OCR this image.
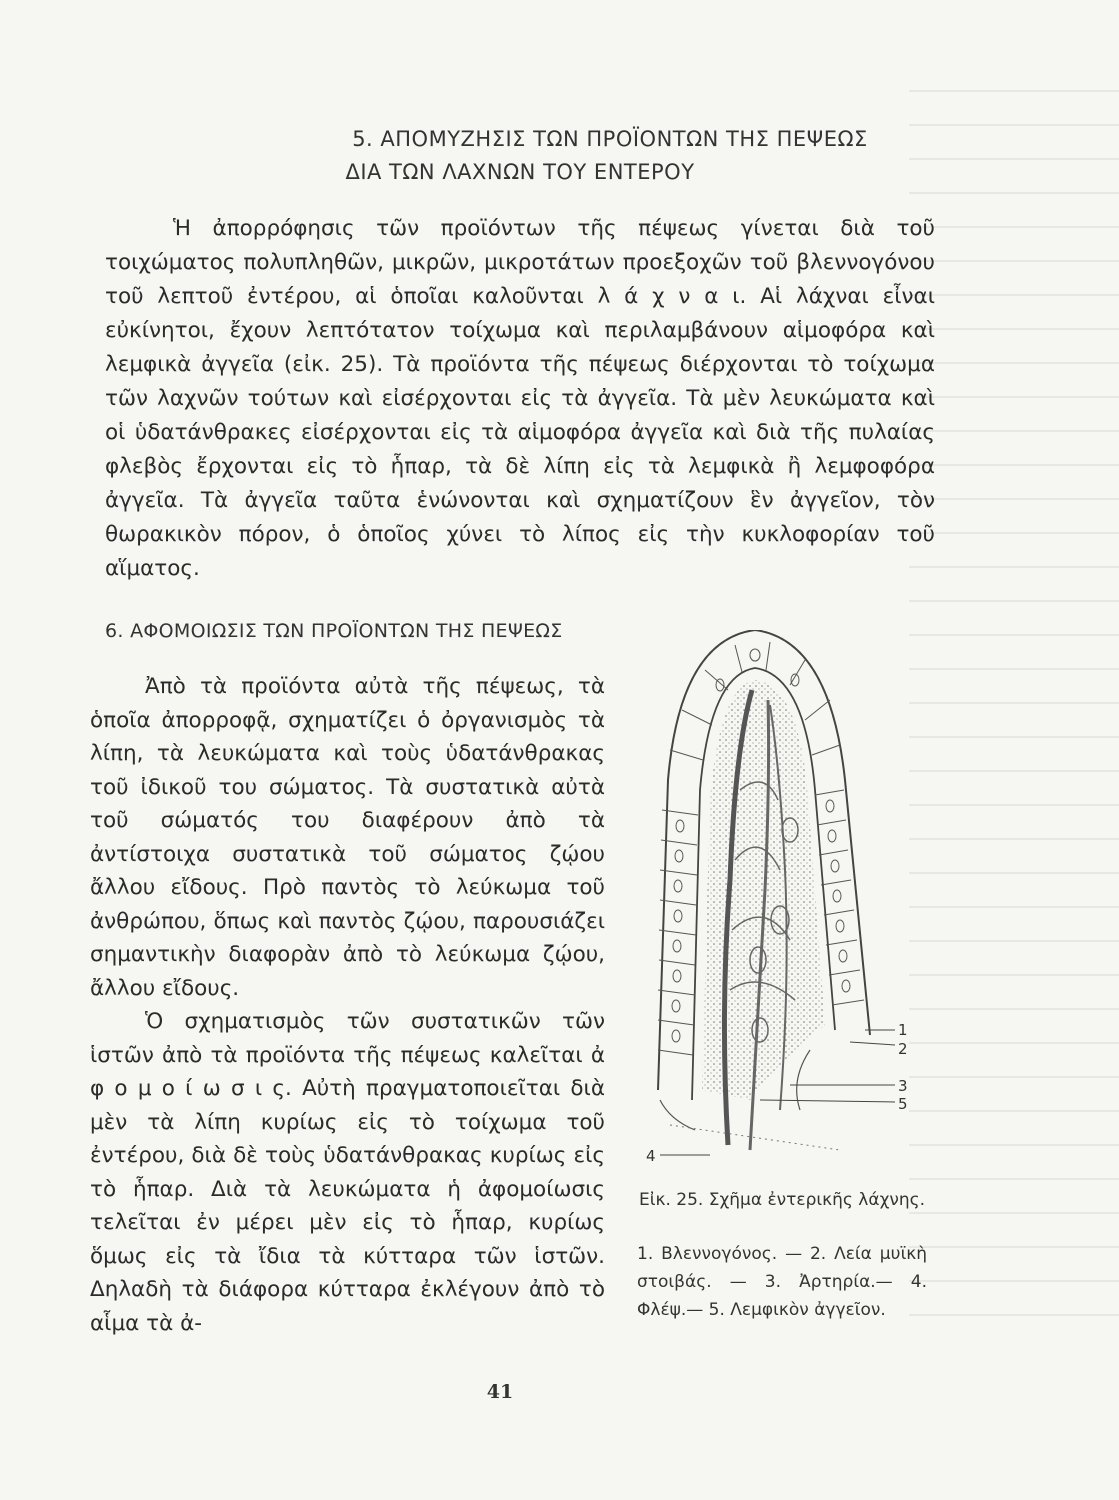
5. ΑΠΟΜΥΖΗΣΙΣ ΤΩΝ ΠΡΟΪΟΝΤΩΝ ΤΗΣ ΠΕΨΕΩΣ
ΔΙΑ ΤΩΝ ΛΑΧΝΩΝ ΤΟΥ ΕΝΤΕΡΟΥ

Ἡ ἀπορρόφησις τῶν προϊόντων τῆς πέψεως γίνεται διὰ τοῦ τοιχώματος πολυπληθῶν, μικρῶν, μικροτάτων προεξοχῶν τοῦ βλεννογόνου τοῦ λεπτοῦ ἐντέρου, αἱ ὁποῖαι καλοῦνται λ ά χ ν α ι. Αἱ λάχναι εἶναι εὐκίνητοι, ἔχουν λεπτότατον τοίχωμα καὶ περιλαμβάνουν αἱμοφόρα καὶ λεμφικὰ ἀγγεῖα (εἰκ. 25). Τὰ προϊόντα τῆς πέψεως διέρχονται τὸ τοίχωμα τῶν λαχνῶν τούτων καὶ εἰσέρχονται εἰς τὰ ἀγγεῖα. Τὰ μὲν λευκώματα καὶ οἱ ὑδατάνθρακες εἰσέρχονται εἰς τὰ αἱμοφόρα ἀγγεῖα καὶ διὰ τῆς πυλαίας φλεβὸς ἔρχονται εἰς τὸ ἧπαρ, τὰ δὲ λίπη εἰς τὰ λεμφικὰ ἢ λεμφοφόρα ἀγγεῖα. Τὰ ἀγγεῖα ταῦτα ἑνώνονται καὶ σχηματίζουν ἓν ἀγγεῖον, τὸν θωρακικὸν πόρον, ὁ ὁποῖος χύνει τὸ λίπος εἰς τὴν κυκλοφορίαν τοῦ αἵματος.

6. ΑΦΟΜΟΙΩΣΙΣ ΤΩΝ ΠΡΟΪΟΝΤΩΝ ΤΗΣ ΠΕΨΕΩΣ

Ἀπὸ τὰ προϊόντα αὐτὰ τῆς πέψεως, τὰ ὁποῖα ἀπορροφᾷ, σχηματίζει ὁ ὀργανισμὸς τὰ λίπη, τὰ λευκώματα καὶ τοὺς ὑδατάνθρακας τοῦ ἰδικοῦ του σώματος. Τὰ συστατικὰ αὐτὰ τοῦ σώματός του διαφέρουν ἀπὸ τὰ ἀντίστοιχα συστατικὰ τοῦ σώματος ζῴου ἄλλου εἴδους. Πρὸ παντὸς τὸ λεύκωμα τοῦ ἀνθρώπου, ὅπως καὶ παντὸς ζῴου, παρουσιάζει σημαντικὴν διαφορὰν ἀπὸ τὸ λεύκωμα ζῴου, ἄλλου εἴδους.

Ὁ σχηματισμὸς τῶν συστατικῶν τῶν ἱστῶν ἀπὸ τὰ προϊόντα τῆς πέψεως καλεῖται ἀ φ ο μ ο ί ω σ ι ς. Αὐτὴ πραγματοποιεῖται διὰ μὲν τὰ λίπη κυρίως εἰς τὸ τοίχωμα τοῦ ἐντέρου, διὰ δὲ τοὺς ὑδατάνθρακας κυρίως εἰς τὸ ἧπαρ. Διὰ τὰ λευκώματα ἡ ἀφομοίωσις τελεῖται ἐν μέρει μὲν εἰς τὸ ἧπαρ, κυρίως ὅμως εἰς τὰ ἴδια τὰ κύτταρα τῶν ἱστῶν. Δηλαδὴ τὰ διάφορα κύτταρα ἐκλέγουν ἀπὸ τὸ αἷμα τὰ ἀ-

1
2
3
4
5
Εἰκ. 25. Σχῆμα ἐντερικῆς λάχνης.
1. Βλεννογόνος. — 2. Λεία μυϊκὴ στοιβάς. — 3. Ἀρτηρία.— 4. Φλέψ.— 5. Λεμφικὸν ἀγγεῖον.
41
